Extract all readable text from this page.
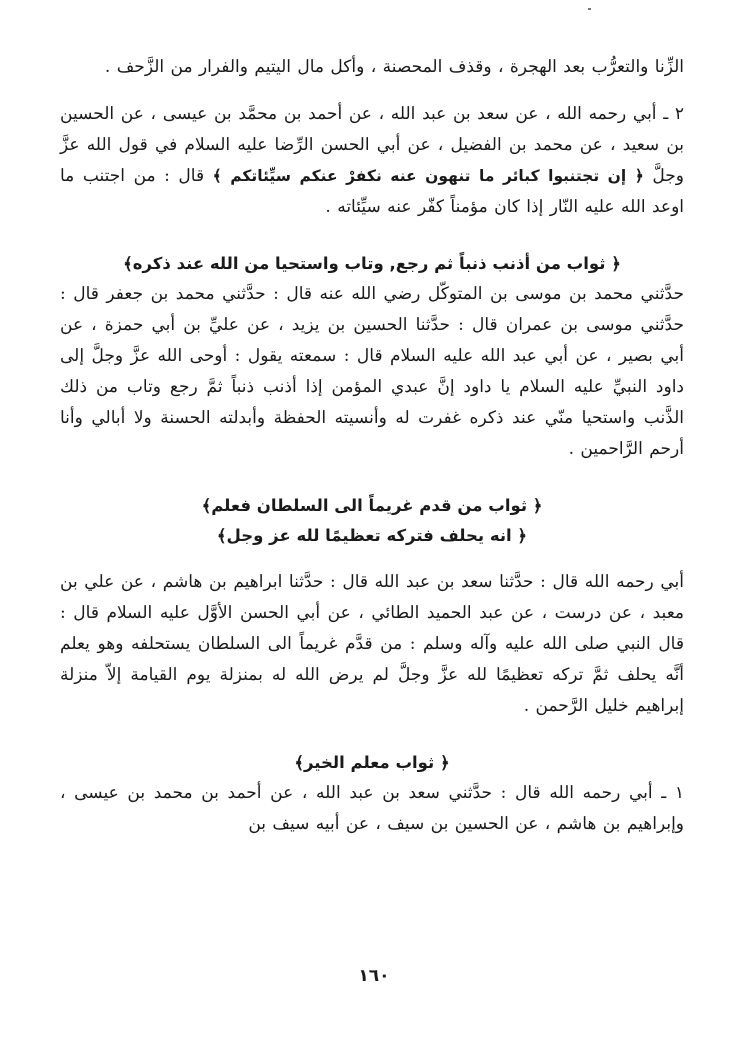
الزِّنا والتعرُّب بعد الهجرة ، وقذف المحصنة ، وأكل مال اليتيم والفرار من الزَّحف .

٢ ـ أبي رحمه الله ، عن سعد بن عبد الله ، عن أحمد بن محمَّد بن عيسى ، عن الحسين بن سعيد ، عن محمد بن الفضيل ، عن أبي الحسن الرِّضا عليه السلام في قول الله عزَّ وجلَّ ﴿ إن تجتنبوا كبائر ما تنهون عنه نكفرْ عنكم سيِّئاتكم ﴾ قال : من اجتنب ما اوعد الله عليه النّار إذا كان مؤمناً كفّر عنه سيِّئاته .

﴿ ثواب من أذنب ذنباً ثم رجع, وتاب واستحيا من الله عند ذكره﴾

حدَّثني محمد بن موسى بن المتوكّل رضي الله عنه قال : حدَّثني محمد بن جعفر قال : حدَّثني موسى بن عمران قال : حدَّثنا الحسين بن يزيد ، عن عليِّ بن أبي حمزة ، عن أبي بصير ، عن أبي عبد الله عليه السلام قال : سمعته يقول : أوحى الله عزَّ وجلَّ إلى داود النبيِّ عليه السلام يا داود إنَّ عبدي المؤمن إذا أذنب ذنباً ثمَّ رجع وتاب من ذلك الذَّنب واستحيا منّي عند ذكره غفرت له وأنسيته الحفظة وأبدلته الحسنة ولا أبالي وأنا أرحم الرَّاحمين .

﴿ ثواب من قدم غريماً الى السلطان فعلم﴾

﴿ انه يحلف فتركه تعظيمًا لله عز وجل﴾

أبي رحمه الله قال : حدَّثنا سعد بن عبد الله قال : حدَّثنا ابراهيم بن هاشم ، عن علي بن معبد ، عن درست ، عن عبد الحميد الطائي ، عن أبي الحسن الأوَّل عليه السلام قال : قال النبي صلى الله عليه وآله وسلم : من قدَّم غريماً الى السلطان يستحلفه وهو يعلم أنَّه يحلف ثمَّ تركه تعظيمًا لله عزَّ وجلَّ لم يرض الله له بمنزلة يوم القيامة إلاّ منزلة إبراهيم خليل الرَّحمن .

﴿ ثواب معلم الخير﴾

١ ـ أبي رحمه الله قال : حدَّثني سعد بن عبد الله ، عن أحمد بن محمد بن عيسى ، وإبراهيم بن هاشم ، عن الحسين بن سيف ، عن أبيه سيف بن

١٦٠
